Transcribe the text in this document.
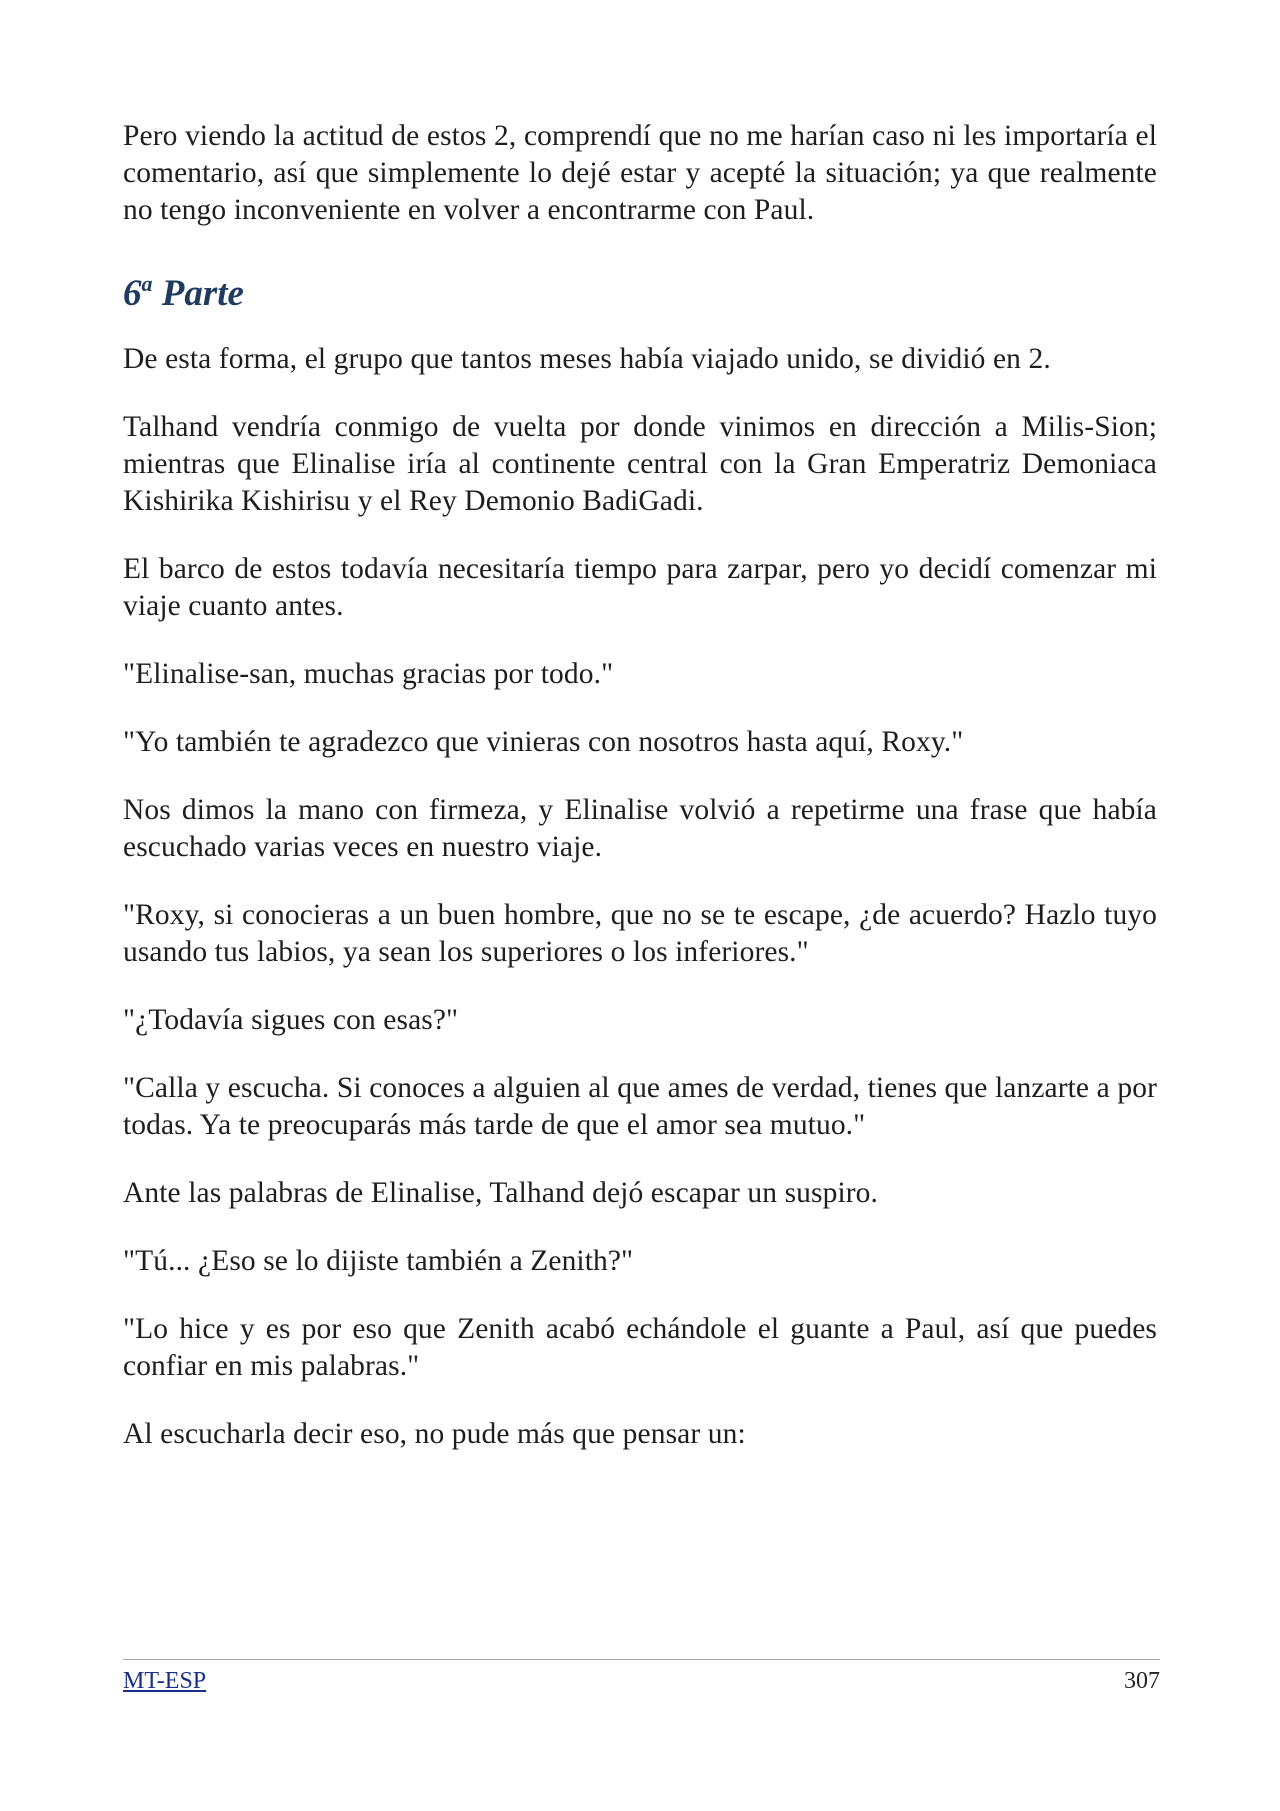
Pero viendo la actitud de estos 2, comprendí que no me harían caso ni les importaría el comentario, así que simplemente lo dejé estar y acepté la situación; ya que realmente no tengo inconveniente en volver a encontrarme con Paul.

6$^a$ Parte

De esta forma, el grupo que tantos meses había viajado unido, se dividió en 2.

Talhand vendría conmigo de vuelta por donde vinimos en dirección a Milis-Sion; mientras que Elinalise iría al continente central con la Gran Emperatriz Demoniaca Kishirika Kishirisu y el Rey Demonio BadiGadi.

El barco de estos todavía necesitaría tiempo para zarpar, pero yo decidí comenzar mi viaje cuanto antes.

"Elinalise-san, muchas gracias por todo."

"Yo también te agradezco que vinieras con nosotros hasta aquí, Roxy."

Nos dimos la mano con firmeza, y Elinalise volvió a repetirme una frase que había escuchado varias veces en nuestro viaje.

"Roxy, si conocieras a un buen hombre, que no se te escape, ¿de acuerdo? Hazlo tuyo usando tus labios, ya sean los superiores o los inferiores."

"¿Todavía sigues con esas?"

"Calla y escucha. Si conoces a alguien al que ames de verdad, tienes que lanzarte a por todas. Ya te preocuparás más tarde de que el amor sea mutuo."

Ante las palabras de Elinalise, Talhand dejó escapar un suspiro.

"Tú... ¿Eso se lo dijiste también a Zenith?"

"Lo hice y es por eso que Zenith acabó echándole el guante a Paul, así que puedes confiar en mis palabras."

Al escucharla decir eso, no pude más que pensar un:

MT-ESP	307
